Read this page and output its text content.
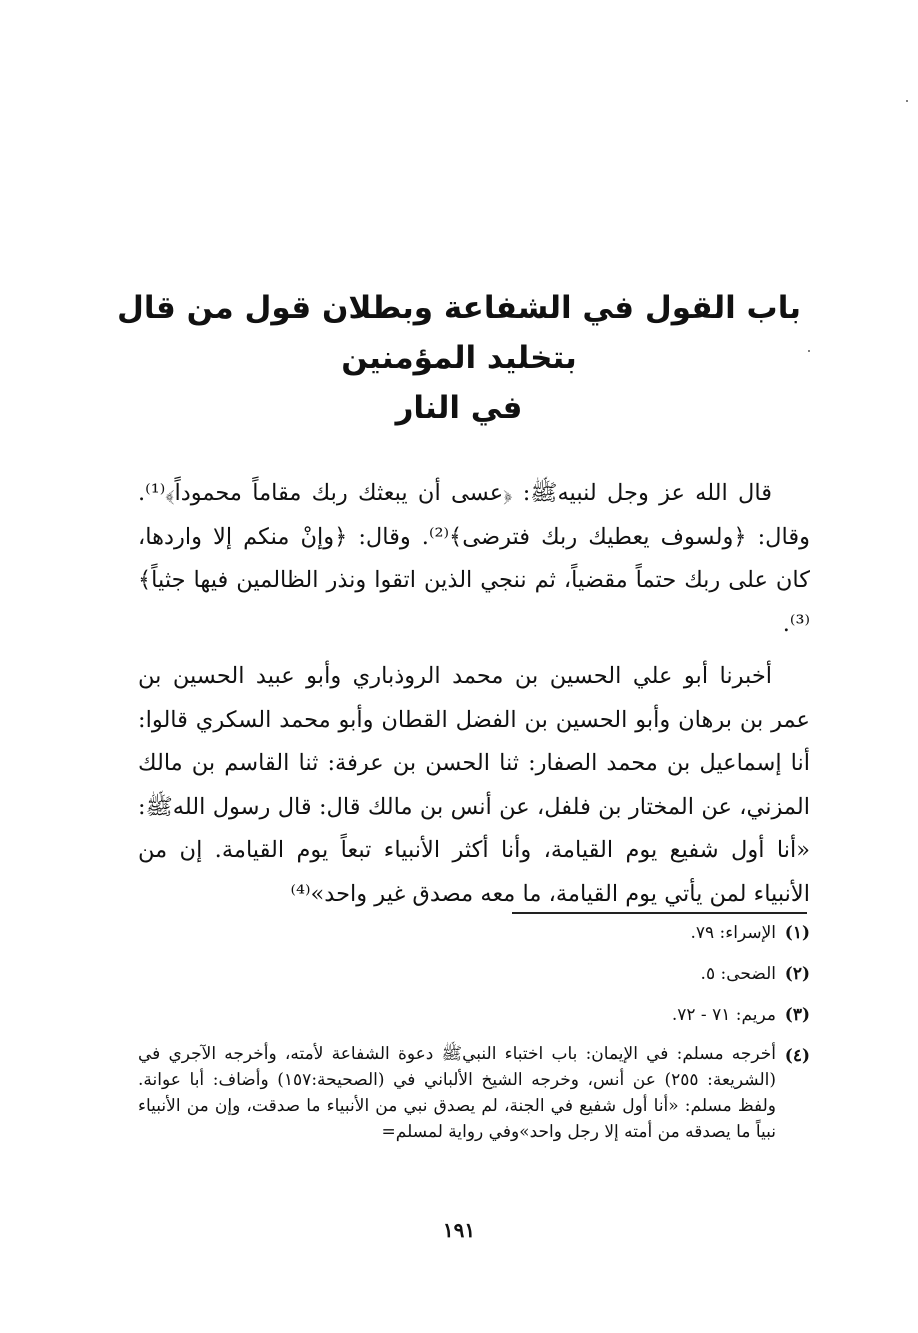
باب القول في الشفاعة وبطلان قول من قال بتخليد المؤمنين
في النار

قال الله عز وجل لنبيهﷺ: ﴿عسى أن يبعثك ربك مقاماً محموداً﴾⁽¹⁾. وقال: ﴿ولسوف يعطيك ربك فترضى﴾⁽²⁾. وقال: ﴿وإنْ منكم إلا واردها، كان على ربك حتماً مقضياً، ثم ننجي الذين اتقوا ونذر الظالمين فيها جثياً﴾⁽³⁾.

أخبرنا أبو علي الحسين بن محمد الروذباري وأبو عبيد الحسين بن عمر بن برهان وأبو الحسين بن الفضل القطان وأبو محمد السكري قالوا: أنا إسماعيل بن محمد الصفار: ثنا الحسن بن عرفة: ثنا القاسم بن مالك المزني، عن المختار بن فلفل، عن أنس بن مالك قال: قال رسول اللهﷺ: «أنا أول شفيع يوم القيامة، وأنا أكثر الأنبياء تبعاً يوم القيامة. إن من الأنبياء لمن يأتي يوم القيامة، ما معه مصدق غير واحد»⁽⁴⁾

(١)
الإسراء: ٧٩.
(٢)
الضحى: ٥.
(٣)
مريم: ٧١ - ٧٢.
(٤)
أخرجه مسلم: في الإيمان: باب اختباء النبيﷺ دعوة الشفاعة لأمته، وأخرجه الآجري في (الشريعة: ٢٥٥) عن أنس، وخرجه الشيخ الألباني في (الصحيحة:١٥٧) وأضاف: أبا عوانة. ولفظ مسلم: «أنا أول شفيع في الجنة، لم يصدق نبي من الأنبياء ما صدقت، وإن من الأنبياء نبياً ما يصدقه من أمته إلا رجل واحد»وفي رواية لمسلم=
١٩١
